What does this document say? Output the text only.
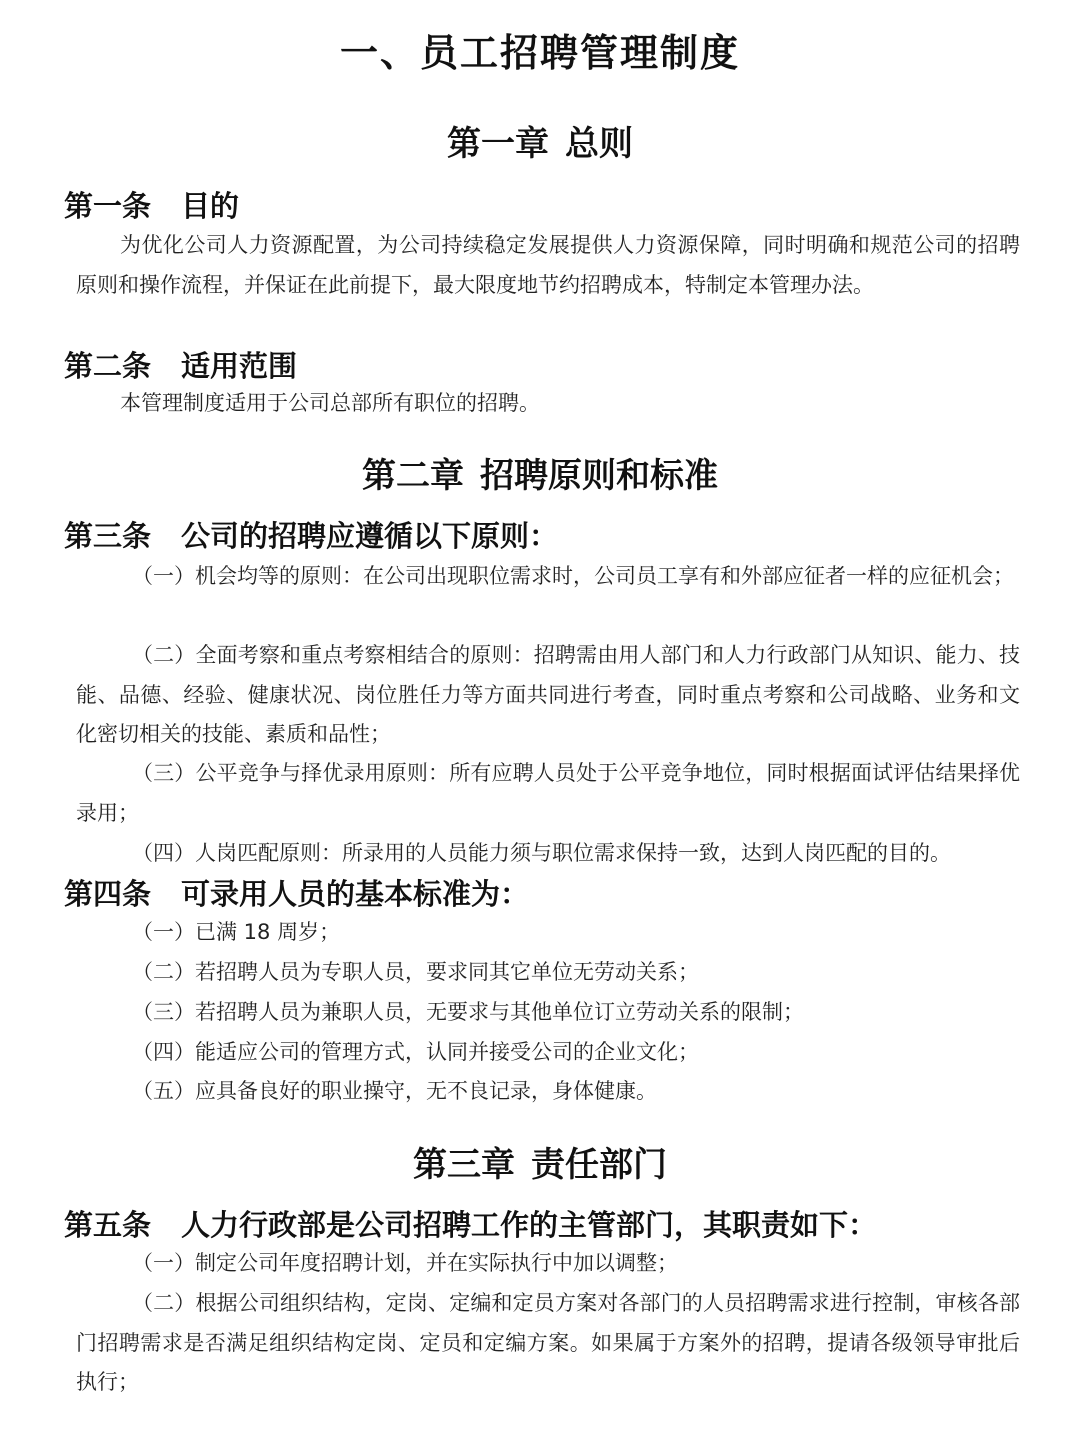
一、员工招聘管理制度
第一章 总则
第一条 目的
为优化公司人力资源配置，为公司持续稳定发展提供人力资源保障，同时明确和规范公司的招聘原则和操作流程，并保证在此前提下，最大限度地节约招聘成本，特制定本管理办法。
第二条 适用范围
本管理制度适用于公司总部所有职位的招聘。
第二章 招聘原则和标准
第三条 公司的招聘应遵循以下原则：
（一）机会均等的原则：在公司出现职位需求时，公司员工享有和外部应征者一样的应征机会；
（二）全面考察和重点考察相结合的原则：招聘需由用人部门和人力行政部门从知识、能力、技能、品德、经验、健康状况、岗位胜任力等方面共同进行考查，同时重点考察和公司战略、业务和文化密切相关的技能、素质和品性；
（三）公平竞争与择优录用原则：所有应聘人员处于公平竞争地位，同时根据面试评估结果择优录用；
（四）人岗匹配原则：所录用的人员能力须与职位需求保持一致，达到人岗匹配的目的。
第四条 可录用人员的基本标准为：
（一）已满 18 周岁；
（二）若招聘人员为专职人员，要求同其它单位无劳动关系；
（三）若招聘人员为兼职人员，无要求与其他单位订立劳动关系的限制；
（四）能适应公司的管理方式，认同并接受公司的企业文化；
（五）应具备良好的职业操守，无不良记录，身体健康。
第三章 责任部门
第五条 人力行政部是公司招聘工作的主管部门，其职责如下：
（一）制定公司年度招聘计划，并在实际执行中加以调整；
（二）根据公司组织结构，定岗、定编和定员方案对各部门的人员招聘需求进行控制，审核各部门招聘需求是否满足组织结构定岗、定员和定编方案。如果属于方案外的招聘，提请各级领导审批后执行；
